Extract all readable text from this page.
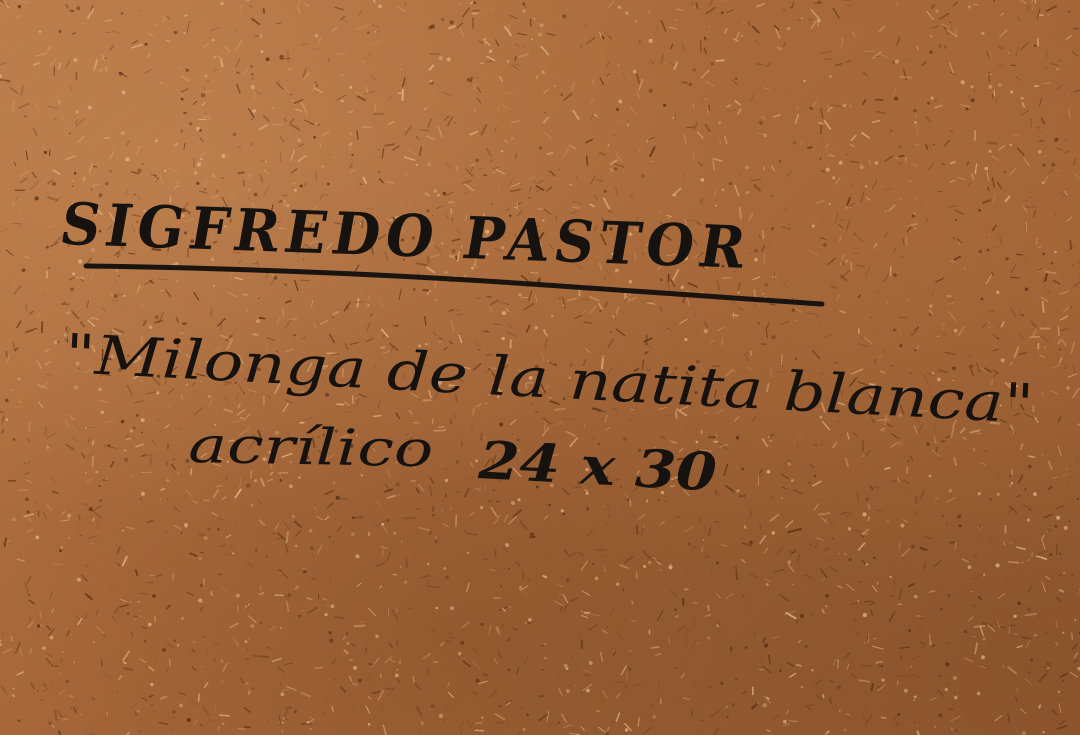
SIGFREDO PASTOR
"Milonga de la natita blanca"
acrílico	24 x 30
